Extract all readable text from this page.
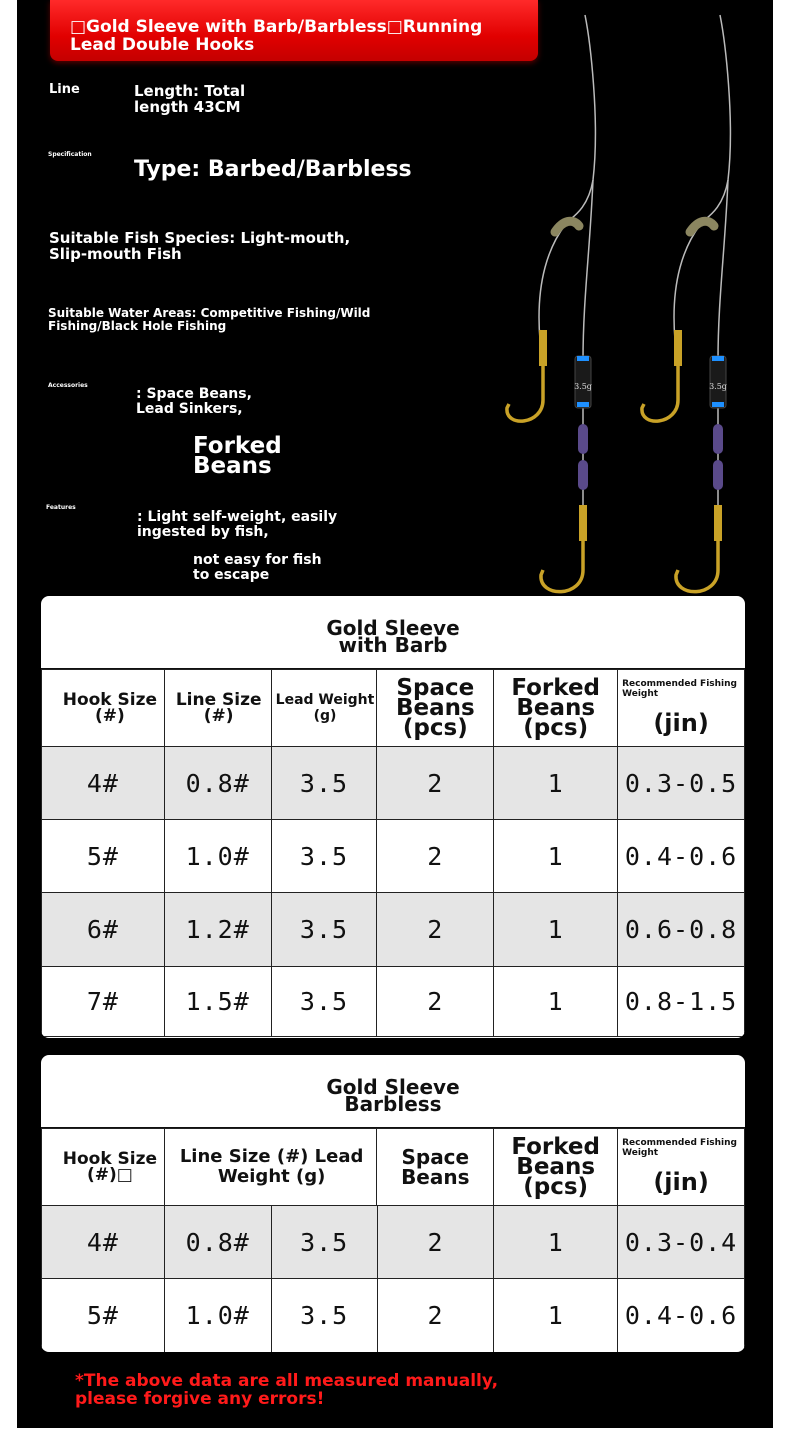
□Gold Sleeve with Barb/Barbless□Running Lead Double Hooks
Line	Length: Total length 43CM
Specification
Type: Barbed/Barbless
Suitable Fish Species: Light-mouth, Slip-mouth Fish
Suitable Water Areas: Competitive Fishing/Wild Fishing/Black Hole Fishing
Accessories
: Space Beans, Lead Sinkers,
Forked Beans
Features
: Light self-weight, easily ingested by fish,
not easy for fish to escape
3.5g	3.5g
Gold Sleeve with Barb
Hook Size (#)	Line Size (#)	Lead Weight (g)	Space Beans (pcs)	Forked Beans (pcs)	Recommended Fishing Weight
(jin)

4#	0.8#	3.5	2	1	0.3-0.5
5#	1.0#	3.5	2	1	0.4-0.6
6#	1.2#	3.5	2	1	0.6-0.8
7#	1.5#	3.5	2	1	0.8-1.5
Gold Sleeve Barbless
Hook Size (#)□	Line Size (#) Lead Weight (g)	Space Beans	Forked Beans (pcs)	
Recommended Fishing Weight
(jin)
4#	0.8#	3.5	2	1	0.3-0.4
5#	1.0#	3.5	2	1	0.4-0.6
*The above data are all measured manually, please forgive any errors!
